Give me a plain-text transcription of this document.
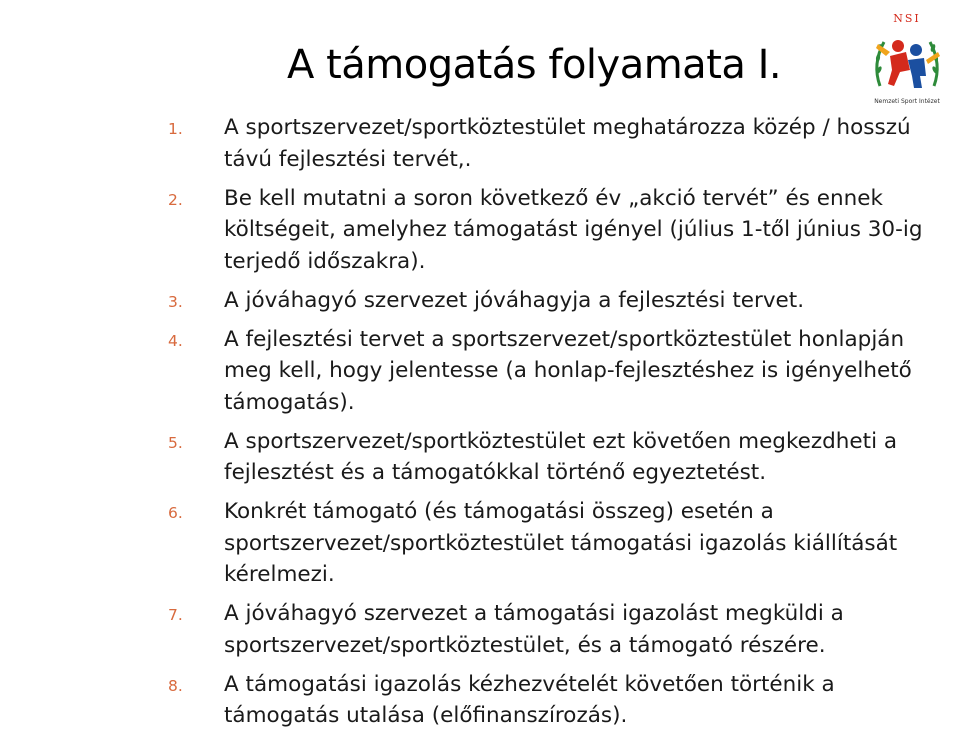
A támogatás folyamata I.
NSI
Nemzeti Sport Intézet
1. A sportszervezet/sportköztestület meghatározza közép / hosszú távú fejlesztési tervét,.
2. Be kell mutatni a soron következő év „akció tervét” és ennek költségeit, amelyhez támogatást igényel (július 1-től június 30-ig terjedő időszakra).
3. A jóváhagyó szervezet jóváhagyja a fejlesztési tervet.
4. A fejlesztési tervet a sportszervezet/sportköztestület honlapján meg kell, hogy jelentesse (a honlap-fejlesztéshez is igényelhető támogatás).
5. A sportszervezet/sportköztestület ezt követően megkezdheti a fejlesztést és a támogatókkal történő egyeztetést.
6. Konkrét támogató (és támogatási összeg) esetén a sportszervezet/sportköztestület támogatási igazolás kiállítását kérelmezi.
7. A jóváhagyó szervezet a támogatási igazolást megküldi a sportszervezet/sportköztestület, és a támogató részére.
8. A támogatási igazolás kézhezvételét követően történik a támogatás utalása (előfinanszírozás).
